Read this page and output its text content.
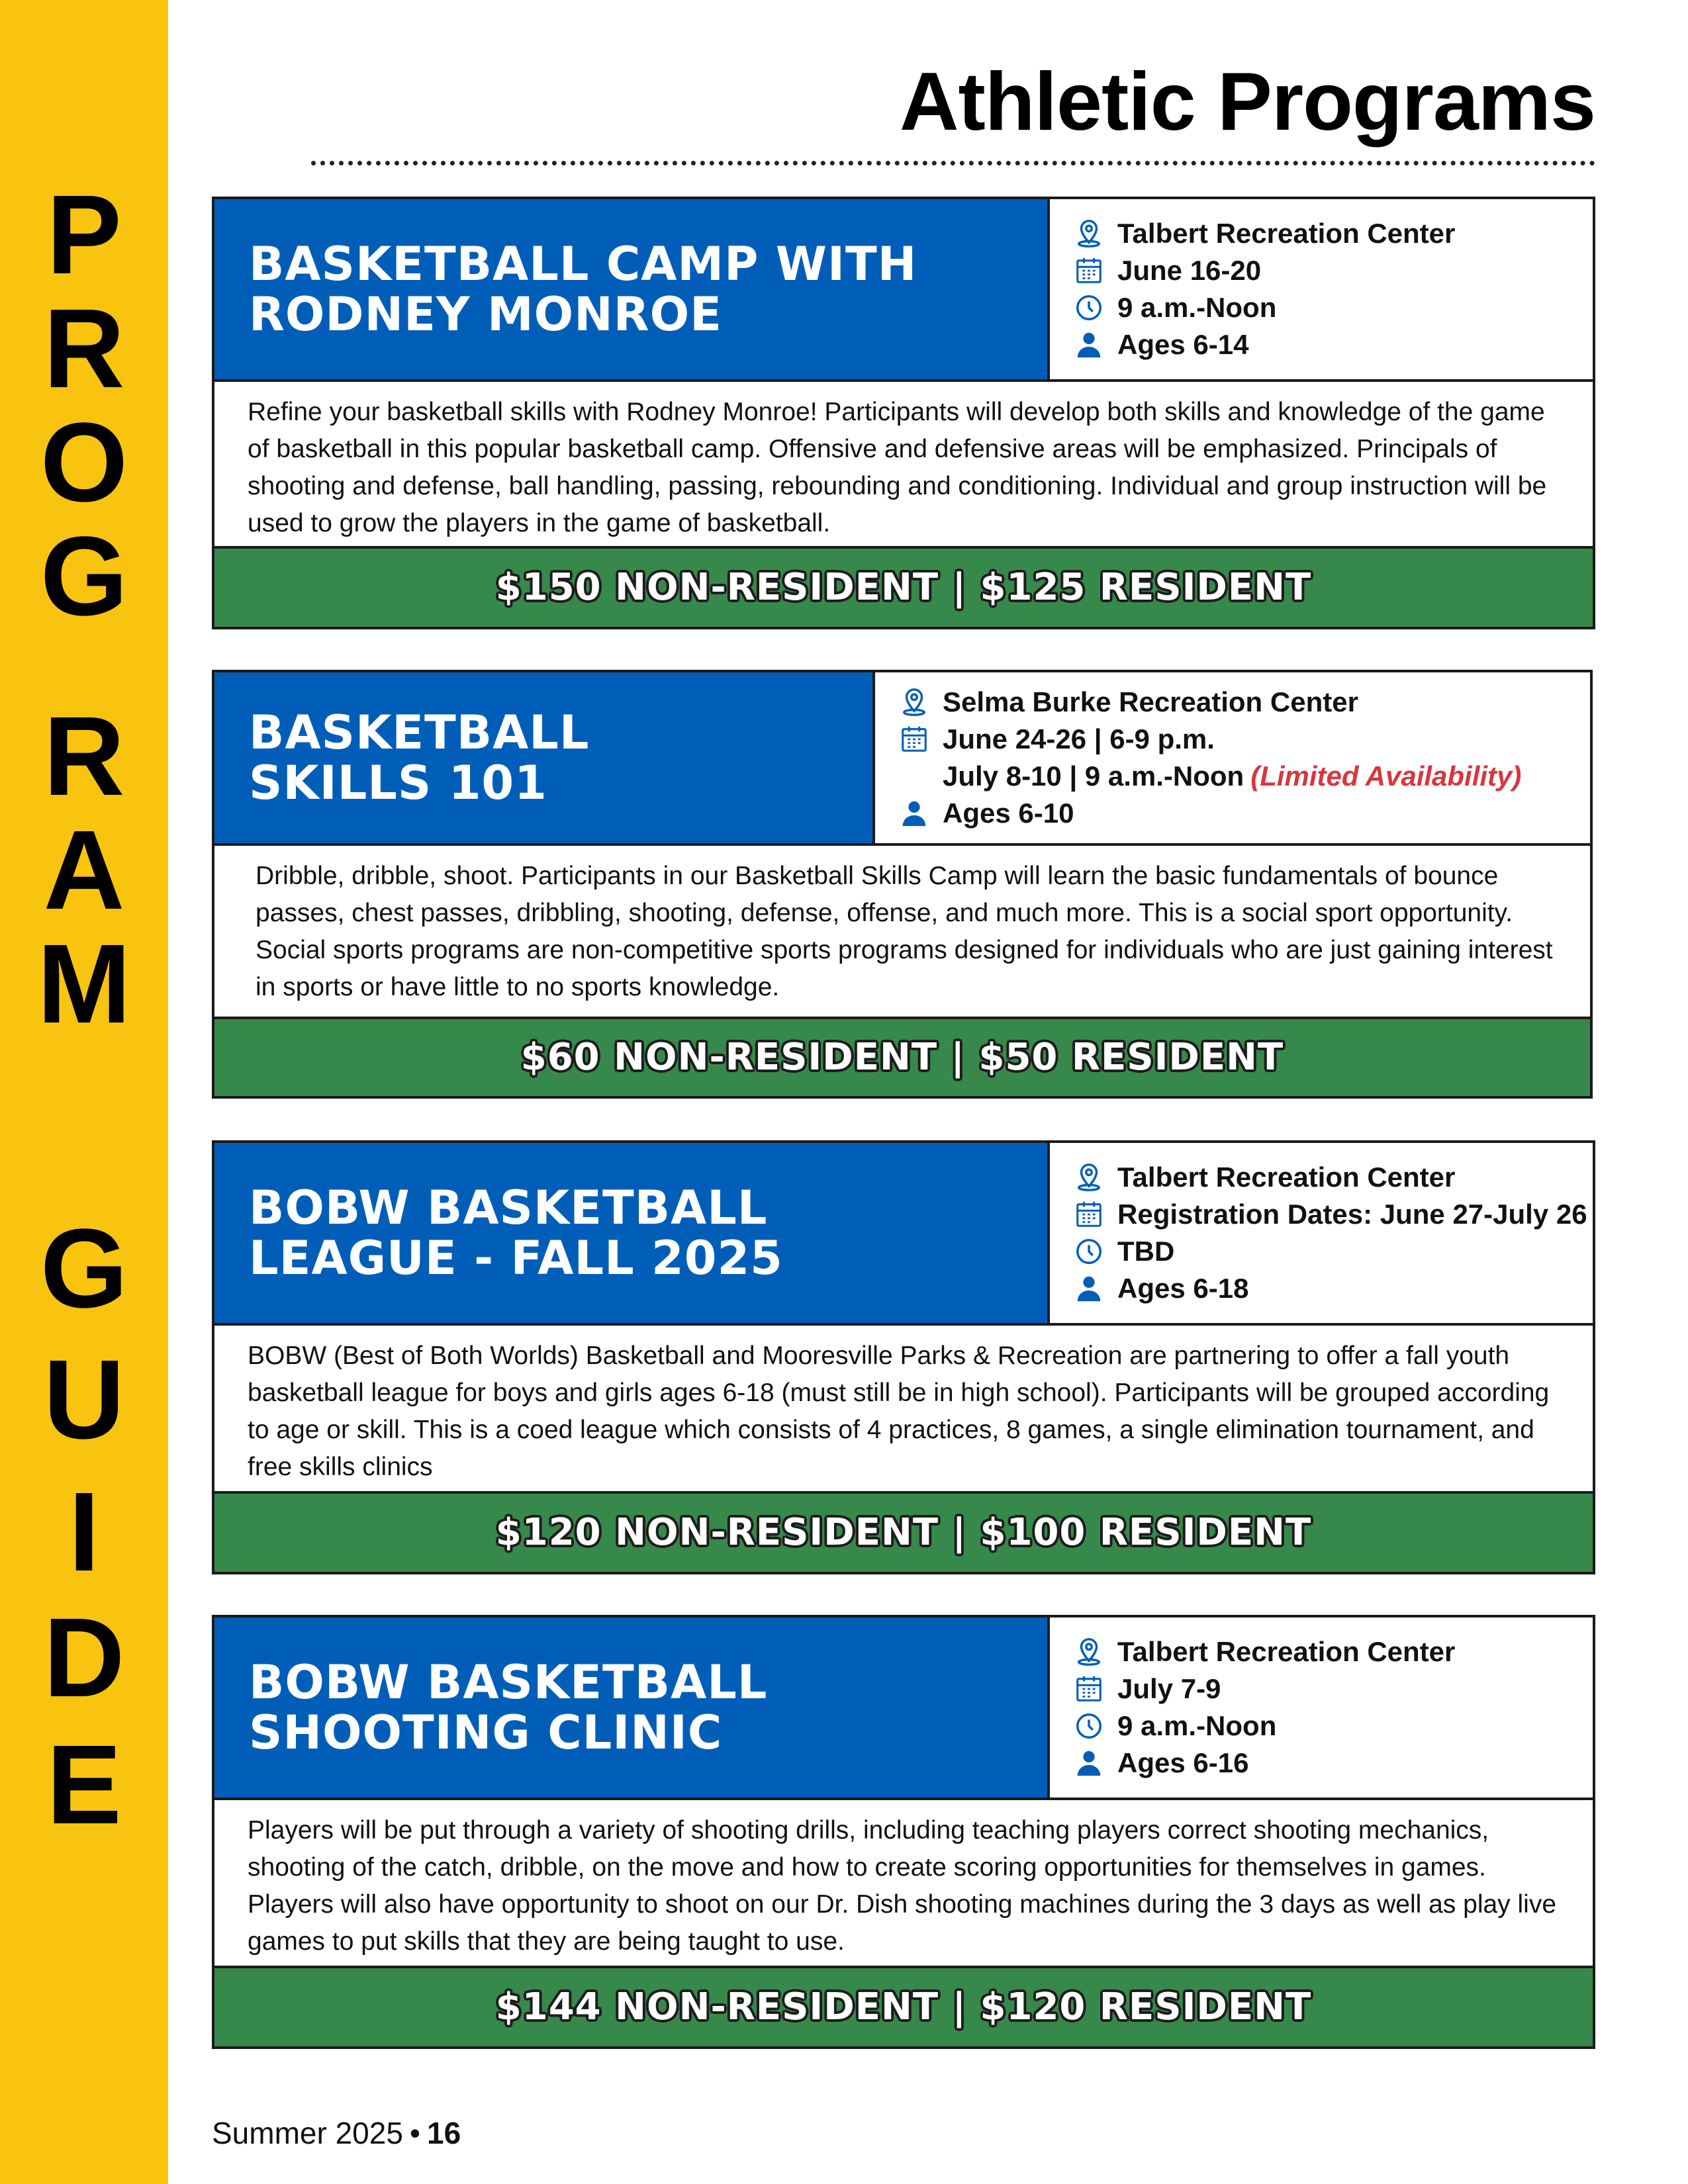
P
R
O
G
R
A
M
G
U
I
D
E
Athletic Programs
BASKETBALL CAMP WITH
RODNEY MONROE
Talbert Recreation Center
June 16-20
9 a.m.-Noon
Ages 6-14

Refine your basketball skills with Rodney Monroe! Participants will develop both skills and knowledge of the game of basketball in this popular basketball camp. Offensive and defensive areas will be emphasized. Principals of shooting and defense, ball handling, passing, rebounding and conditioning. Individual and group instruction will be used to grow the players in the game of basketball.

$150 NON-RESIDENT | $125 RESIDENT
BASKETBALL
SKILLS 101
Selma Burke Recreation Center
June 24-26 | 6-9 p.m.
July 8-10 | 9 a.m.-Noon (Limited Availability)
Ages 6-10

Dribble, dribble, shoot. Participants in our Basketball Skills Camp will learn the basic fundamentals of bounce passes, chest passes, dribbling, shooting, defense, offense, and much more. This is a social sport opportunity. Social sports programs are non-competitive sports programs designed for individuals who are just gaining interest in sports or have little to no sports knowledge.

$60 NON-RESIDENT | $50 RESIDENT
BOBW BASKETBALL
LEAGUE - FALL 2025
Talbert Recreation Center
Registration Dates: June 27-July 26
TBD
Ages 6-18

BOBW (Best of Both Worlds) Basketball and Mooresville Parks & Recreation are partnering to offer a fall youth basketball league for boys and girls ages 6-18 (must still be in high school). Participants will be grouped according to age or skill. This is a coed league which consists of 4 practices, 8 games, a single elimination tournament, and free skills clinics

$120 NON-RESIDENT | $100 RESIDENT
BOBW BASKETBALL
SHOOTING CLINIC
Talbert Recreation Center
July 7-9
9 a.m.-Noon
Ages 6-16

Players will be put through a variety of shooting drills, including teaching players correct shooting mechanics, shooting of the catch, dribble, on the move and how to create scoring opportunities for themselves in games. Players will also have opportunity to shoot on our Dr. Dish shooting machines during the 3 days as well as play live games to put skills that they are being taught to use.

$144 NON-RESIDENT | $120 RESIDENT
Summer 2025 • 16
